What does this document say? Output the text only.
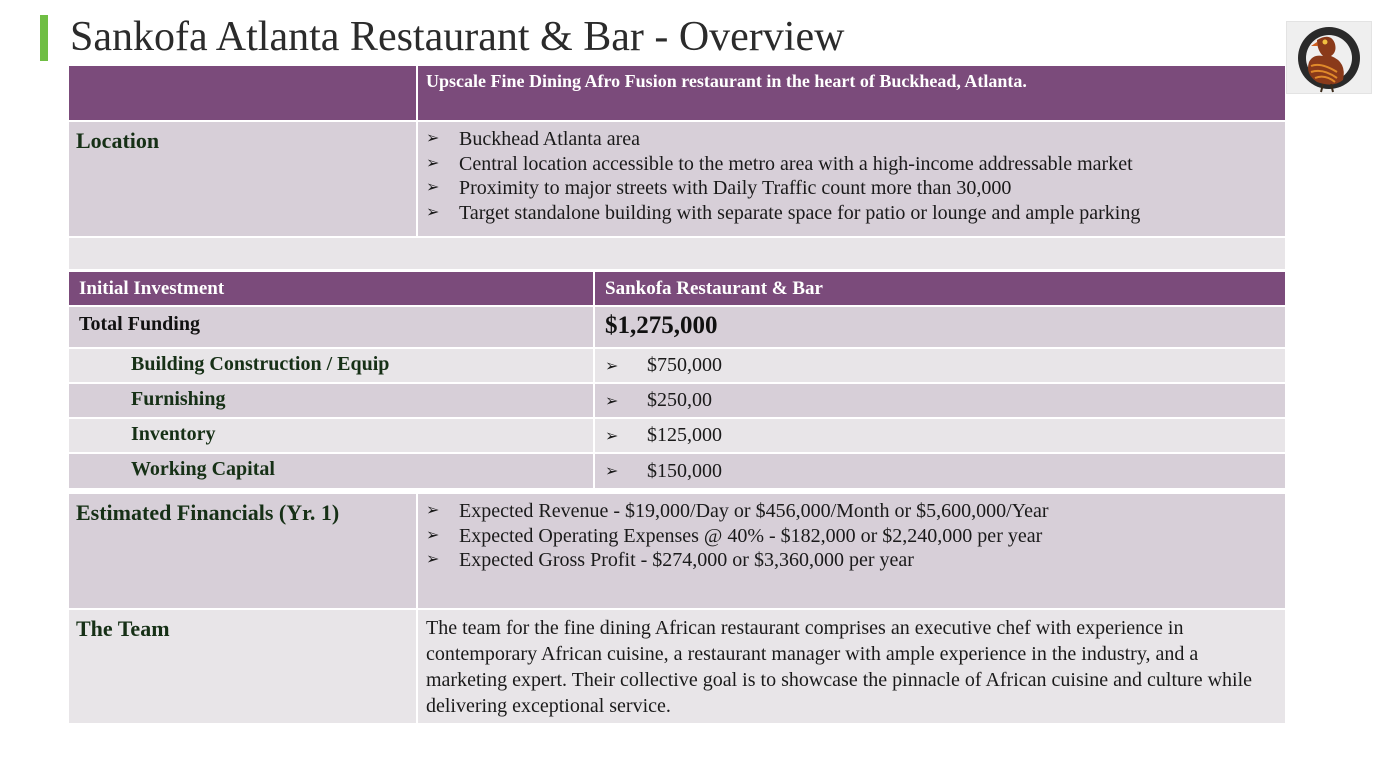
Sankofa Atlanta Restaurant & Bar - Overview
Upscale Fine Dining Afro Fusion restaurant in the heart of Buckhead, Atlanta.
Location	➢ Buckhead Atlanta area
➢ Central location accessible to the metro area with a high-income addressable market
➢ Proximity to major streets with Daily Traffic count more than 30,000
➢ Target standalone building with separate space for patio or lounge and ample parking
Initial Investment	Sankofa Restaurant & Bar
Total Funding	$1,275,000
Building Construction / Equip	➢	$750,000
Furnishing	➢	$250,00
Inventory	➢	$125,000
Working Capital	➢	$150,000
Estimated Financials (Yr. 1)	➢ Expected Revenue - $19,000/Day or $456,000/Month or $5,600,000/Year
➢ Expected Operating Expenses @ 40% - $182,000 or $2,240,000 per year
➢ Expected Gross Profit - $274,000 or $3,360,000 per year
The Team	The team for the fine dining African restaurant comprises an executive chef with experience in contemporary African cuisine, a restaurant manager with ample experience in the industry, and a marketing expert. Their collective goal is to showcase the pinnacle of African cuisine and culture while delivering exceptional service.
